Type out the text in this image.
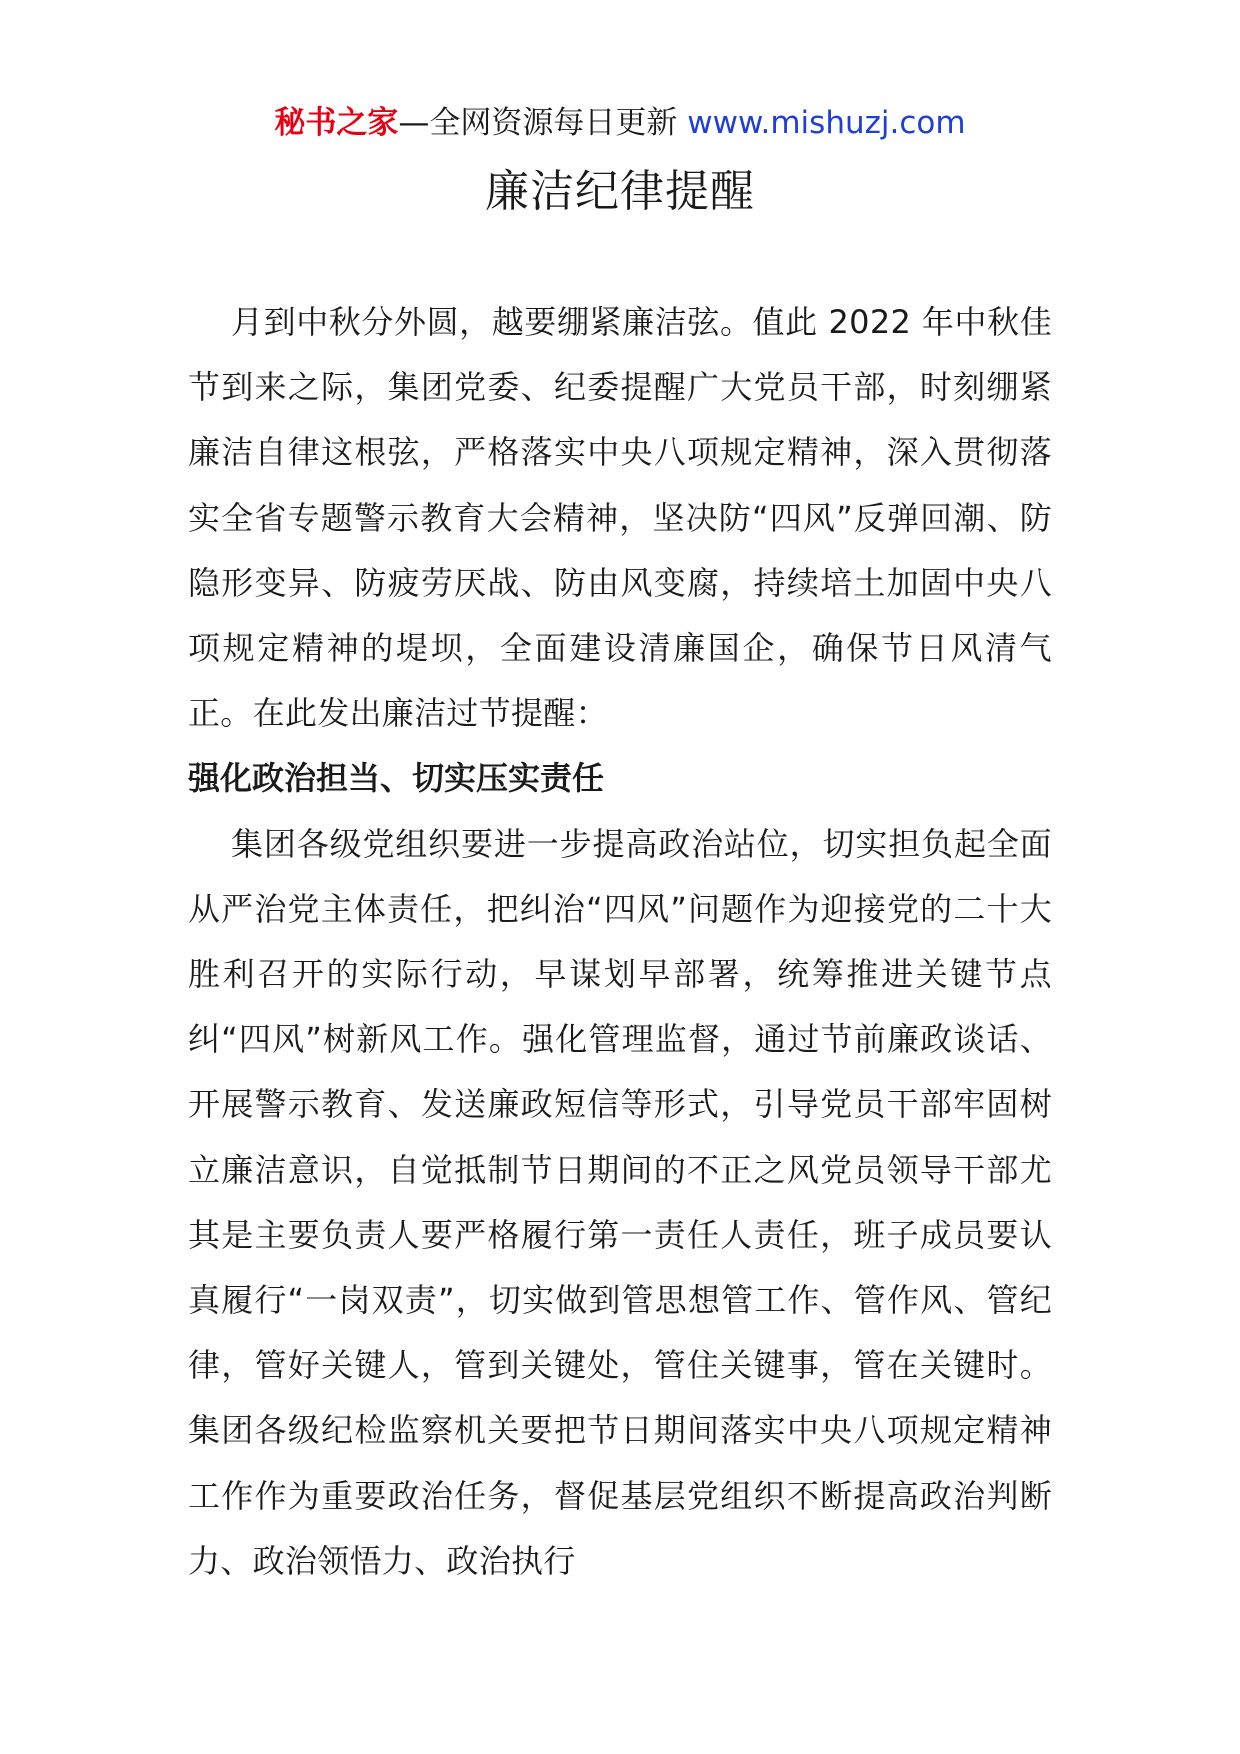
秘书之家—全网资源每日更新 www.mishuzj.com
廉洁纪律提醒

月到中秋分外圆，越要绷紧廉洁弦。值此 2022 年中秋佳节到来之际，集团党委、纪委提醒广大党员干部，时刻绷紧廉洁自律这根弦，严格落实中央八项规定精神，深入贯彻落实全省专题警示教育大会精神，坚决防“四风”反弹回潮、防隐形变异、防疲劳厌战、防由风变腐，持续培土加固中央八项规定精神的堤坝，全面建设清廉国企，确保节日风清气正。在此发出廉洁过节提醒：

强化政治担当、切实压实责任

集团各级党组织要进一步提高政治站位，切实担负起全面从严治党主体责任，把纠治“四风”问题作为迎接党的二十大胜利召开的实际行动，早谋划早部署，统筹推进关键节点纠“四风”树新风工作。强化管理监督，通过节前廉政谈话、开展警示教育、发送廉政短信等形式，引导党员干部牢固树立廉洁意识，自觉抵制节日期间的不正之风党员领导干部尤其是主要负责人要严格履行第一责任人责任，班子成员要认真履行“一岗双责”，切实做到管思想管工作、管作风、管纪律，管好关键人，管到关键处，管住关键事，管在关键时。集团各级纪检监察机关要把节日期间落实中央八项规定精神工作作为重要政治任务，督促基层党组织不断提高政治判断力、政治领悟力、政治执行
